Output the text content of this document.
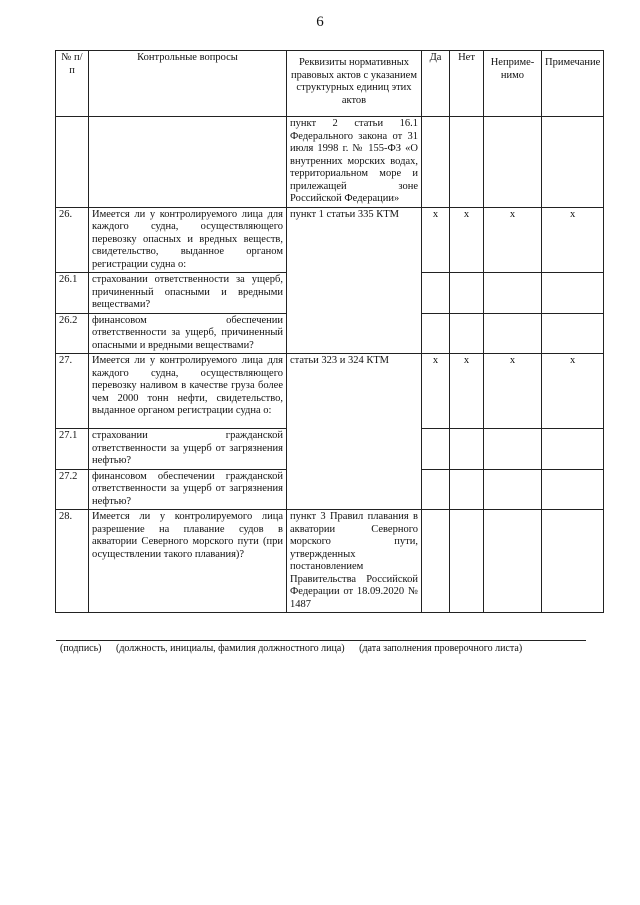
6
№ п/п	Контрольные вопросы	Реквизиты нормативных правовых актов с указанием структурных единиц этих актов	Да	Нет	Неприме-нимо	Примечание
		пункт 2 статьи 16.1 Федерального закона от 31 июля 1998 г. № 155-ФЗ «О внутренних морских водах, территориальном море и прилежащей зоне Российской Федерации»				
26.	Имеется ли у контролируемого лица для каждого судна, осуществляющего перевозку опасных и вредных веществ, свидетельство, выданное органом регистрации судна о:	пункт 1 статьи 335 КТМ	х	х	х	х
26.1	страховании ответственности за ущерб, причиненный опасными и вредными веществами?					
26.2	финансовом обеспечении ответственности за ущерб, причиненный опасными и вредными веществами?					
27.	Имеется ли у контролируемого лица для каждого судна, осуществляющего перевозку наливом в качестве груза более чем 2000 тонн нефти, свидетельство, выданное органом регистрации судна о:	статьи 323 и 324 КТМ	х	х	х	х
27.1	страховании гражданской ответственности за ущерб от загрязнения нефтью?					
27.2	финансовом обеспечении гражданской ответственности за ущерб от загрязнения нефтью?					
28.	Имеется ли у контролируемого лица разрешение на плавание судов в акватории Северного морского пути (при осуществлении такого плавания)?	пункт 3 Правил плавания в акватории Северного морского пути, утвержденных постановлением Правительства Российской Федерации от 18.09.2020 № 1487				
(подпись) (должность, инициалы, фамилия должностного лица) (дата заполнения проверочного листа)
